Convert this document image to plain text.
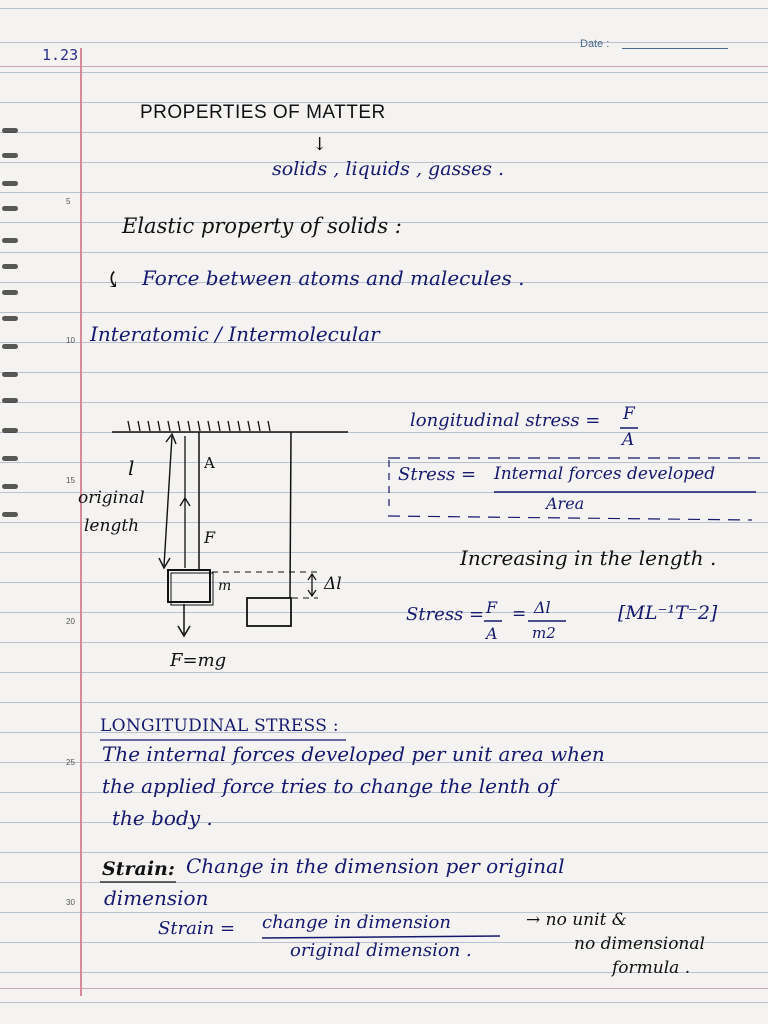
1.23
Date :
5
10
15
20
25
30
PROPERTIES OF MATTER
↓
solids , liquids , gasses .
Elastic property of solids :
⤹ Force between atoms and malecules .
Interatomic / Intermolecular
l
original
length
A
F
m	Δl
F=mg
longitudinal stress = F
A
Stress = Internal forces developed
Area
Increasing in the length .
Stress = F
A
= Δl
m2
[ML⁻¹T⁻2]
LONGITUDINAL STRESS :
The internal forces developed per unit area when
the applied force tries to change the lenth of
the body .
Strain: Change in the dimension per original
dimension
Strain = change in dimension
original dimension .
→ no unit &
no dimensional
formula .
